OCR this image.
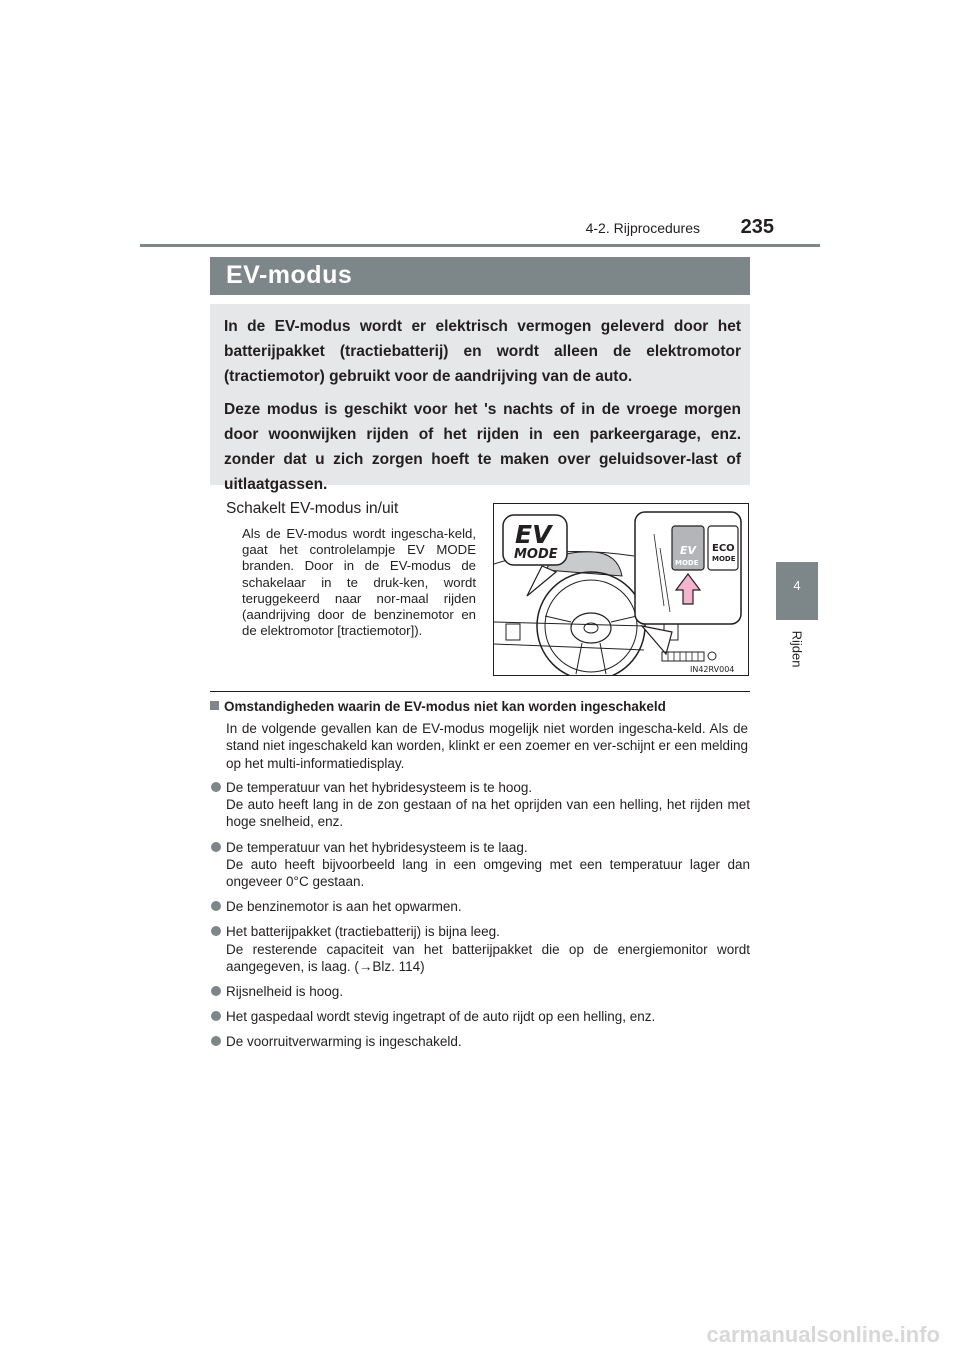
4-2. Rijprocedures 235
4
Rijden
EV-modus

In de EV-modus wordt er elektrisch vermogen geleverd door het batterijpakket (tractiebatterij) en wordt alleen de elektromotor (tractiemotor) gebruikt voor de aandrijving van de auto.

Deze modus is geschikt voor het 's nachts of in de vroege morgen door woonwijken rijden of het rijden in een parkeergarage, enz. zonder dat u zich zorgen hoeft te maken over geluidsover-last of uitlaatgassen.

Schakelt EV-modus in/uit

Als de EV-modus wordt ingescha-keld, gaat het controlelampje EV MODE branden. Door in de EV-modus de schakelaar in te druk-ken, wordt teruggekeerd naar nor-maal rijden (aandrijving door de benzinemotor en de elektromotor [tractiemotor]).

EV
MODE	EV
MODE
ECO
MODE
IN42RV004
Omstandigheden waarin de EV-modus niet kan worden ingeschakeld

In de volgende gevallen kan de EV-modus mogelijk niet worden ingescha-keld. Als de stand niet ingeschakeld kan worden, klinkt er een zoemer en ver-schijnt er een melding op het multi-informatiedisplay.

De temperatuur van het hybridesysteem is te hoog.
De auto heeft lang in de zon gestaan of na het oprijden van een helling, het rijden met hoge snelheid, enz.
De temperatuur van het hybridesysteem is te laag.
De auto heeft bijvoorbeeld lang in een omgeving met een temperatuur lager dan ongeveer 0°C gestaan.
De benzinemotor is aan het opwarmen.
Het batterijpakket (tractiebatterij) is bijna leeg.
De resterende capaciteit van het batterijpakket die op de energiemonitor wordt aangegeven, is laag. (→Blz. 114)
Rijsnelheid is hoog.
Het gaspedaal wordt stevig ingetrapt of de auto rijdt op een helling, enz.
De voorruitverwarming is ingeschakeld.
carmanualsonline.info
